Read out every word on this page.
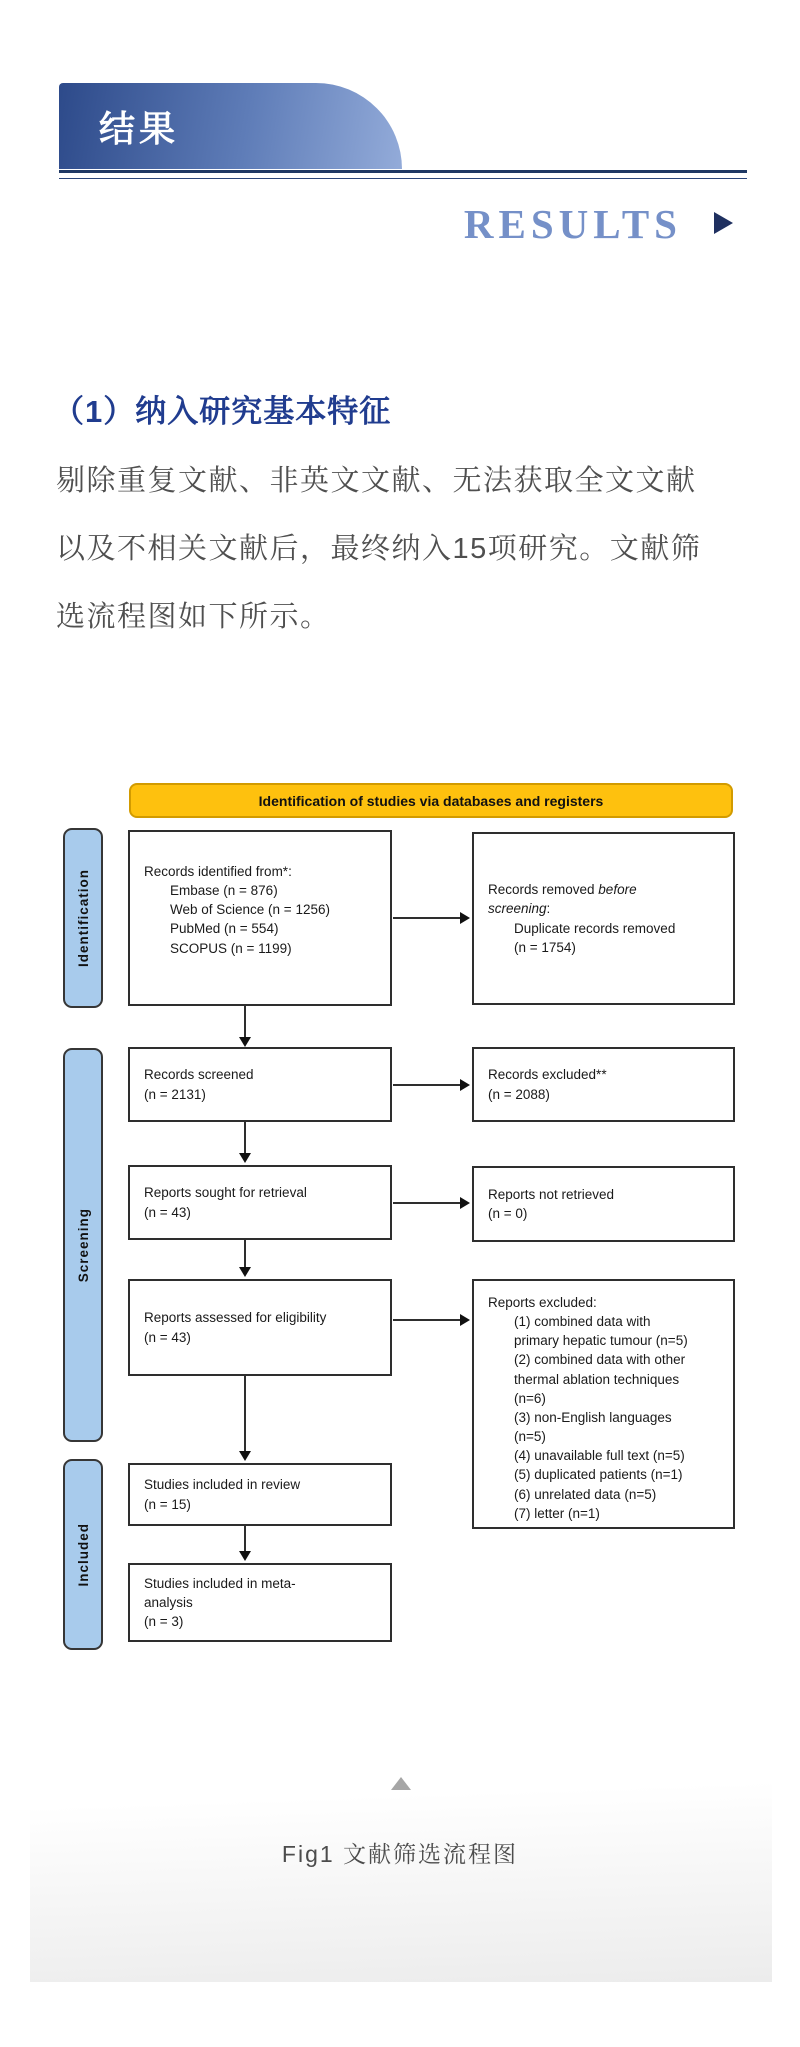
结果
RESULTS
（1）纳入研究基本特征
剔除重复文献、非英文文献、无法获取全文文献
以及不相关文献后，最终纳入15项研究。文献筛
选流程图如下所示。
Identification of studies via databases and registers
Identification
Screening
Included
Records identified from*:
Embase (n = 876)
Web of Science (n = 1256)
PubMed (n = 554)
SCOPUS (n = 1199)
Records removed before
screening:
Duplicate records removed
(n = 1754)
Records screened
(n = 2131)
Records excluded**
(n = 2088)
Reports sought for retrieval
(n = 43)
Reports not retrieved
(n = 0)
Reports assessed for eligibility
(n = 43)
Reports excluded:
(1) combined data with
primary hepatic tumour (n=5)
(2) combined data with other
thermal ablation techniques
(n=6)
(3) non-English languages
(n=5)
(4) unavailable full text (n=5)
(5) duplicated patients (n=1)
(6) unrelated data (n=5)
(7) letter (n=1)
Studies included in review
(n = 15)
Studies included in meta-
analysis
(n = 3)
Fig1 文献筛选流程图
